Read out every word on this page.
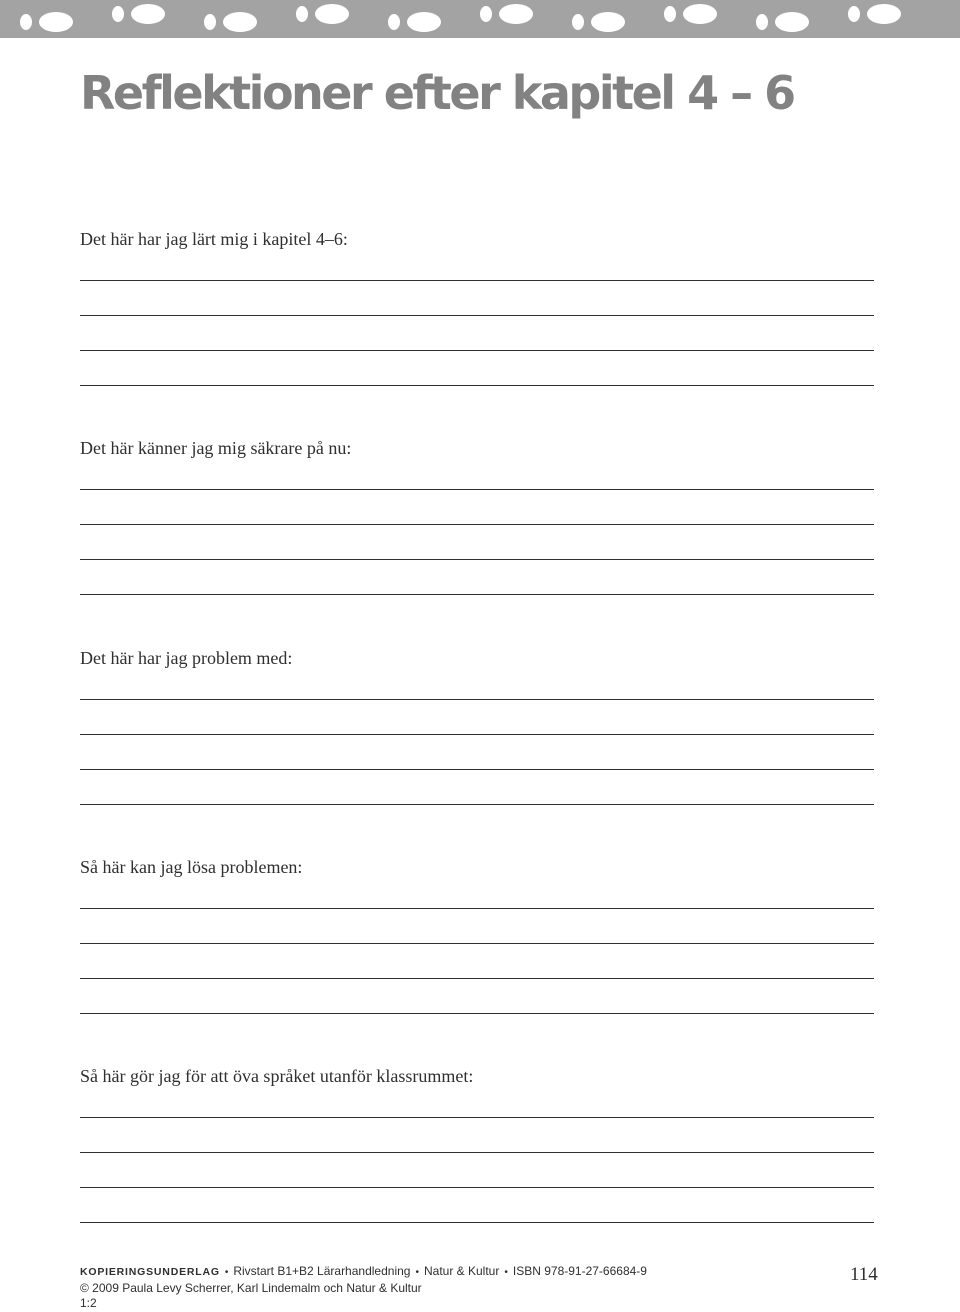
Reflektioner efter kapitel 4 – 6
Det här har jag lärt mig i kapitel 4–6:
Det här känner jag mig säkrare på nu:
Det här har jag problem med:
Så här kan jag lösa problemen:
Så här gör jag för att öva språket utanför klassrummet:
KOPIERINGSUNDERLAG • Rivstart B1+B2 Lärarhandledning • Natur & Kultur • ISBN 978-91-27-66684-9
© 2009 Paula Levy Scherrer, Karl Lindemalm och Natur & Kultur
1:2
114
